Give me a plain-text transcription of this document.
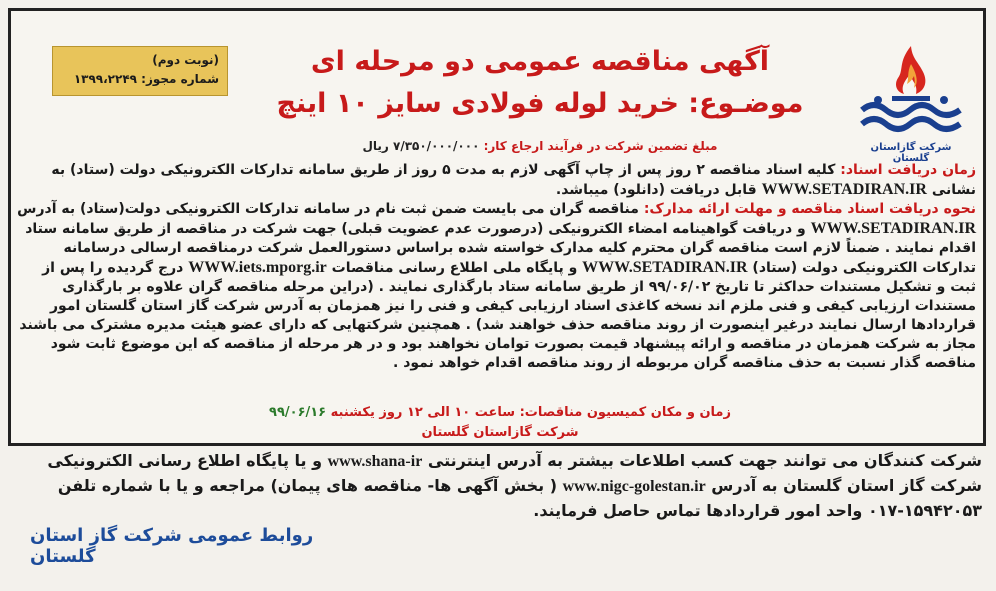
(نوبت دوم)
شماره مجوز: ۱۳۹۹،۲۲۴۹
شرکت گازاستان گلستان
آگهی مناقصه عمومی دو مرحله ای
موضـوع: خرید لوله فولادی سایز ۱۰ اینچ
مبلغ تضمین شرکت در فرآیند ارجاع کار: ۷/۳۵۰/۰۰۰/۰۰۰ ریال

زمان دریافت اسناد: کلیه اسناد مناقصه ۲ روز پس از چاپ آگهی لازم به مدت ۵ روز از طریق سامانه تدارکات الکترونیکی دولت (ستاد) به نشانی WWW.SETADIRAN.IR قابل دریافت (دانلود) میباشد.

نحوه دریافت اسناد مناقصه و مهلت ارائه مدارک: مناقصه گران می بایست ضمن ثبت نام در سامانه تدارکات الکترونیکی دولت(ستاد) به آدرس WWW.SETADIRAN.IR و دریافت گواهینامه امضاء الکترونیکی (درصورت عدم عضویت قبلی) جهت شرکت در مناقصه از طریق سامانه ستاد اقدام نمایند . ضمناً لازم است مناقصه گران محترم کلیه مدارک خواسته شده براساس دستورالعمل شرکت درمناقصه ارسالی درسامانه تدارکات الکترونیکی دولت (ستاد) WWW.SETADIRAN.IR و پایگاه ملی اطلاع رسانی مناقصات WWW.iets.mporg.ir درج گردیده را پس از ثبت و تشکیل مستندات حداکثر تا تاریخ ۹۹/۰۶/۰۲ از طریق سامانه ستاد بارگذاری نمایند . (دراین مرحله مناقصه گران علاوه بر بارگذاری مستندات ارزیابی کیفی و فنی ملزم اند نسخه کاغذی اسناد ارزیابی کیفی و فنی را نیز همزمان به آدرس شرکت گاز استان گلستان امور قراردادها ارسال نمایند درغیر اینصورت از روند مناقصه حذف خواهند شد) . همچنین شرکتهایی که دارای عضو هیئت مدیره مشترک می باشند مجاز به شرکت همزمان در مناقصه و ارائه پیشنهاد قیمت بصورت توامان نخواهند بود و در هر مرحله از مناقصه که این موضوع ثابت شود مناقصه گذار نسبت به حذف مناقصه گران مربوطه از روند مناقصه اقدام خواهد نمود .

زمان و مکان کمیسیون مناقصات: ساعت ۱۰ الی ۱۲ روز یکشنبه ۹۹/۰۶/۱۶
شرکت گازاستان گلستان

شرکت کنندگان می توانند جهت کسب اطلاعات بیشتر به آدرس اینترنتی www.shana-ir و یا پایگاه اطلاع رسانی الکترونیکی شرکت گاز استان گلستان به آدرس www.nigc-golestan.ir ( بخش آگهی ها- مناقصه های پیمان) مراجعه و یا با شماره تلفن ۱۵۹۴۲۰۵۳-۰۱۷ واحد امور قراردادها تماس حاصل فرمایند.

روابط عمومی شرکت گاز استان گلستان
